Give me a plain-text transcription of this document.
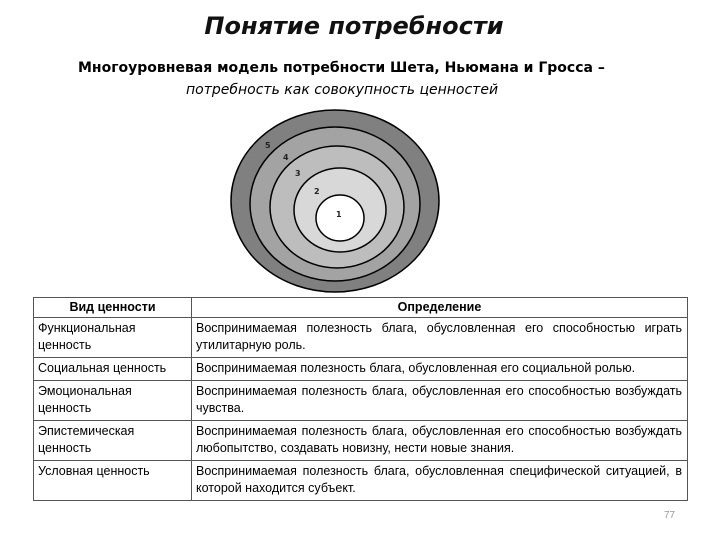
Понятие потребности
Многоуровневая модель потребности Шета, Ньюмана и Гросса –
потребность как совокупность ценностей
5
4
3
2
1
Вид ценности	Определение
Функциональная ценность	Воспринимаемая полезность блага, обусловленная его способностью играть утилитарную роль.
Социальная ценность	Воспринимаемая полезность блага, обусловленная его социальной ролью.
Эмоциональная ценность	Воспринимаемая полезность блага, обусловленная его способностью возбуждать чувства.
Эпистемическая ценность	Воспринимаемая полезность блага, обусловленная его способностью возбуждать любопытство, создавать новизну, нести новые знания.
Условная ценность	Воспринимаемая полезность блага, обусловленная специфической ситуацией, в которой находится субъект.
77
